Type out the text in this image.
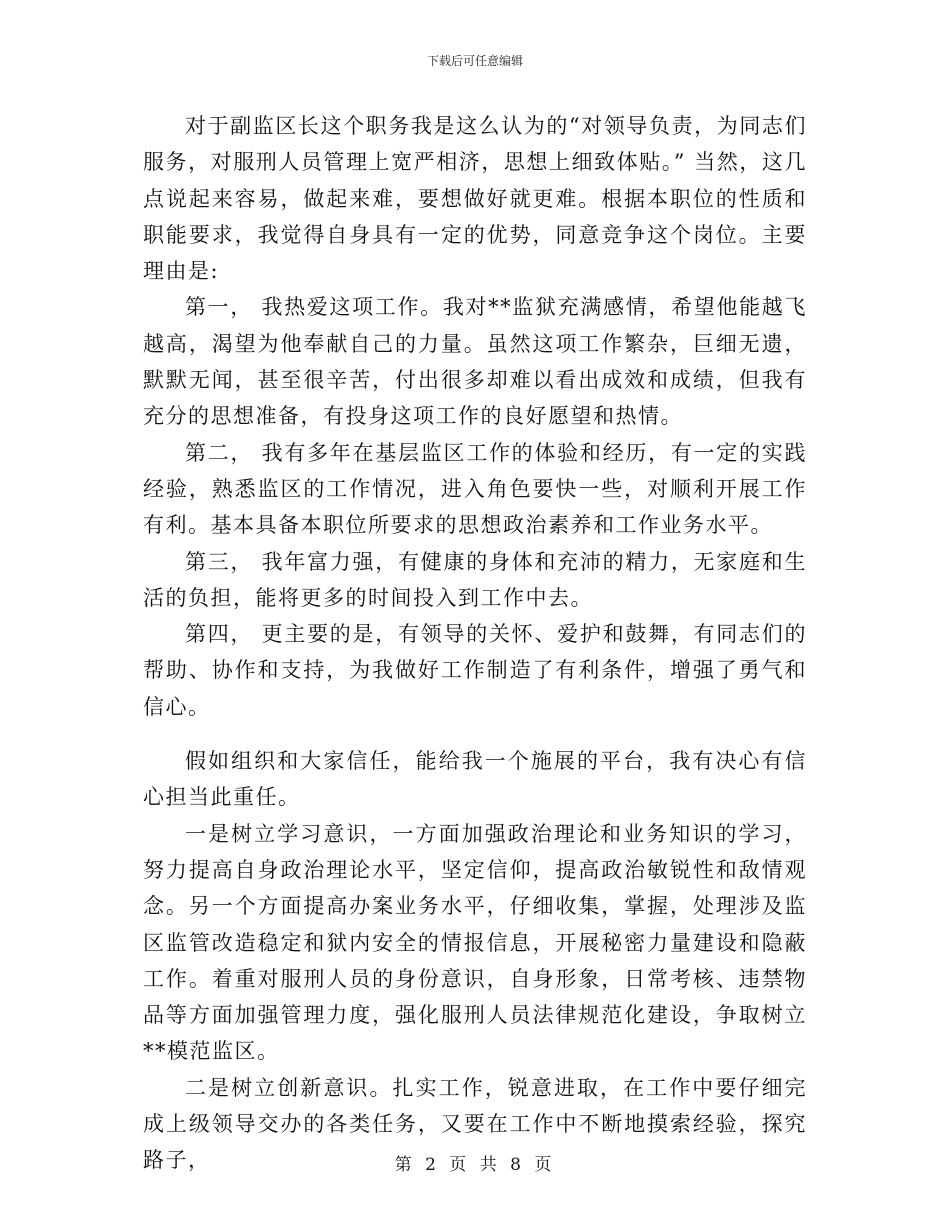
下载后可任意编辑

对于副监区长这个职务我是这么认为的“对领导负责，为同志们服务，对服刑人员管理上宽严相济，思想上细致体贴。” 当然，这几点说起来容易，做起来难，要想做好就更难。根据本职位的性质和职能要求，我觉得自身具有一定的优势，同意竞争这个岗位。主要理由是:

第一， 我热爱这项工作。我对**监狱充满感情，希望他能越飞越高，渴望为他奉献自己的力量。虽然这项工作繁杂，巨细无遗，默默无闻，甚至很辛苦，付出很多却难以看出成效和成绩，但我有充分的思想准备，有投身这项工作的良好愿望和热情。

第二， 我有多年在基层监区工作的体验和经历，有一定的实践经验，熟悉监区的工作情况，进入角色要快一些，对顺利开展工作有利。基本具备本职位所要求的思想政治素养和工作业务水平。

第三， 我年富力强，有健康的身体和充沛的精力，无家庭和生活的负担，能将更多的时间投入到工作中去。

第四， 更主要的是，有领导的关怀、爱护和鼓舞，有同志们的帮助、协作和支持，为我做好工作制造了有利条件，增强了勇气和信心。

假如组织和大家信任，能给我一个施展的平台，我有决心有信心担当此重任。

一是树立学习意识，一方面加强政治理论和业务知识的学习，努力提高自身政治理论水平，坚定信仰，提高政治敏锐性和敌情观念。另一个方面提高办案业务水平，仔细收集，掌握，处理涉及监区监管改造稳定和狱内安全的情报信息，开展秘密力量建设和隐蔽工作。着重对服刑人员的身份意识，自身形象，日常考核、违禁物品等方面加强管理力度，强化服刑人员法律规范化建设，争取树立**模范监区。

二是树立创新意识。扎实工作，锐意进取，在工作中要仔细完成上级领导交办的各类任务，又要在工作中不断地摸索经验，探究路子，	第 2 页 共 8 页
